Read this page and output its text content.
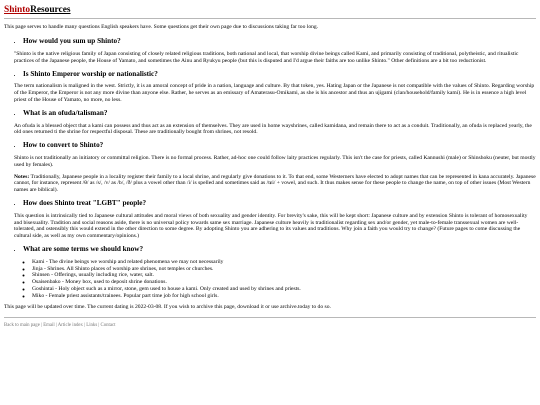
ShintoResources

This page serves to handle many questions English speakers have. Some questions get their own page due to discussions taking far too long.

• How would you sum up Shinto?

"Shinto is the native religious family of Japan consisting of closely related religious traditions, both national and local, that worship divine beings called Kami, and primarily consisting of traditional, polytheistic, and ritualistic practices of the Japanese people, the House of Yamato, and sometimes the Ainu and Ryukyu people (but this is disputed and I'd argue their faiths are too unlike Shinto." Other definitions are a bit too reductionist.

• Is Shinto Emperor worship or nationalistic?

The term nationalism is maligned in the west. Strictly, it is an amoral concept of pride in a nation, language and culture. By that token, yes. Hating Japan or the Japanese is not compatible with the values of Shinto. Regarding worship of the Emperor, the Emperor is not any more divine than anyone else. Rather, he serves as an emissary of Amaterasu-Omikami, as she is his ancestor and thus an ujigami (clan/household/family kami). He is in essence a high level priest of the House of Yamato, no more, no less.

• What is an ofuda/talisman?

An ofuda is a blessed object that a kami can possess and thus act as an extension of themselves. They are used in home wayshrines, called kamidana, and remain there to act as a conduit. Traditionally, an ofuda is replaced yearly, the old ones returned ti the shrine for respectful disposal. These are traditionally bought from shrines, not resold.

• How to convert to Shinto?

Shinto is not traditionally an initiatory or committal religion. There is no formal process. Rather, ad-hoc one could follow laity practices regularly. This isn't the case for priests, called Kannushi (male) or Shinshoku (neuter, but mostly used by females).

Notes: Traditionally, Japanese people in a locality register their family to a local shrine, and regularly give donations to it. To that end, some Westerners have elected to adopt names that can be represented in kana accurately. Japanese cannot, for instance, represent /θ/ as /s/, /v/ as /b/, /ð/ plus a vowel other than /i/ is spelled and sometimes said as /tɕi/ + vowel, and such. It thus makes sense for these people to change the name, on top of other issues (Most Western names are biblical).

• How does Shinto treat "LGBT" people?

This question is intrinsically tied to Japanese cultural attitudes and moral views of both sexuality and gender identity. For brevity's sake, this will be kept short: Japanese culture and by extension Shinto is tolerant of homosexuality and bisexuality. Tradition and social reasons aside, there is no universal policy towards same sex marriage. Japanese culture heavily is traditionalist regarding sex and/or gender, yet male-to-female transsexual women are well-tolerated, and ostensibly this would extend in the other direction to some degree. By adopting Shinto you are adhering to its values and traditions. Why join a faith you would try to change? (Future pages to come discussing the cultural side, as well as my own commentary/opinions.)

• What are some terms we should know?
◦ Kami - The divine beings we worship and related phenomena we may not necessarily
◦ Jinja - Shrines. All Shinto places of worship are shrines, not temples or churches.
◦ Shinsen - Offerings, usually including rice, water, salt.
◦ Osaisenbako - Money box, used to deposit shrine donations.
◦ Goshintai - Holy object such as a mirror, stone, gem used to house a kami. Only created and used by shrines and priests.
◦ Miko - Female priest assistants/trainees. Popular part time job for high school girls.

This page will be updated over time. The current dating is 2022-03-08. If you wish to archive this page, download it or use archive.today to do so.

Back to main page | Email | Article index | Links | Contact
